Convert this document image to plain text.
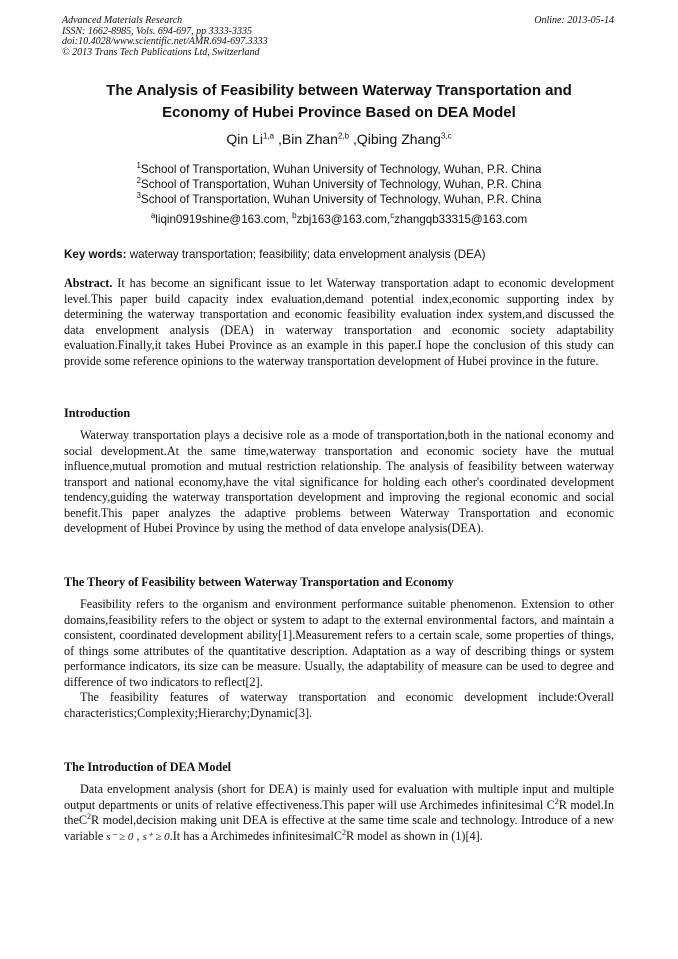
Advanced Materials Research
ISSN: 1662-8985, Vols. 694-697, pp 3333-3335
doi:10.4028/www.scientific.net/AMR.694-697.3333
© 2013 Trans Tech Publications Ltd, Switzerland
Online: 2013-05-14
The Analysis of Feasibility between Waterway Transportation and
Economy of Hubei Province Based on DEA Model
Qin Li$^{1,a}$ ,Bin Zhan$^{2,b}$ ,Qibing Zhang$^{3,c}$
$^1$School of Transportation, Wuhan University of Technology, Wuhan, P.R. China
$^2$School of Transportation, Wuhan University of Technology, Wuhan, P.R. China
$^3$School of Transportation, Wuhan University of Technology, Wuhan, P.R. China
$^a$liqin0919shine@163.com, $^b$zbj163@163.com,$^c$zhangqb33315@163.com
Key words: waterway transportation; feasibility; data envelopment analysis (DEA)

Abstract. It has become an significant issue to let Waterway transportation adapt to economic development level.This paper build capacity index evaluation,demand potential index,economic supporting index by determining the waterway transportation and economic feasibility evaluation index system,and discussed the data envelopment analysis (DEA) in waterway transportation and economic society adaptability evaluation.Finally,it takes Hubei Province as an example in this paper.I hope the conclusion of this study can provide some reference opinions to the waterway transportation development of Hubei province in the future.

Introduction

Waterway transportation plays a decisive role as a mode of transportation,both in the national economy and social development.At the same time,waterway transportation and economic society have the mutual influence,mutual promotion and mutual restriction relationship. The analysis of feasibility between waterway transport and national economy,have the vital significance for holding each other's coordinated development tendency,guiding the waterway transportation development and improving the regional economic and social benefit.This paper analyzes the adaptive problems between Waterway Transportation and economic development of Hubei Province by using the method of data envelope analysis(DEA).

The Theory of Feasibility between Waterway Transportation and Economy

Feasibility refers to the organism and environment performance suitable phenomenon. Extension to other domains,feasibility refers to the object or system to adapt to the external environmental factors, and maintain a consistent, coordinated development ability[1].Measurement refers to a certain scale, some properties of things, of things some attributes of the quantitative description. Adaptation as a way of describing things or system performance indicators, its size can be measure. Usually, the adaptability of measure can be used to degree and difference of two indicators to reflect[2].

The feasibility features of waterway transportation and economic development include:Overall characteristics;Complexity;Hierarchy;Dynamic[3].

The Introduction of DEA Model

Data envelopment analysis (short for DEA) is mainly used for evaluation with multiple input and multiple output departments or units of relative effectiveness.This paper will use Archimedes infinitesimal $C^2R$ model.In theC$^2$R model,decision making unit DEA is effective at the same time scale and technology. Introduce of a new variable s⁻ ≥ 0 , s⁺ ≥ 0.It has a Archimedes infinitesimalC$^2$R model as shown in (1)[4].
